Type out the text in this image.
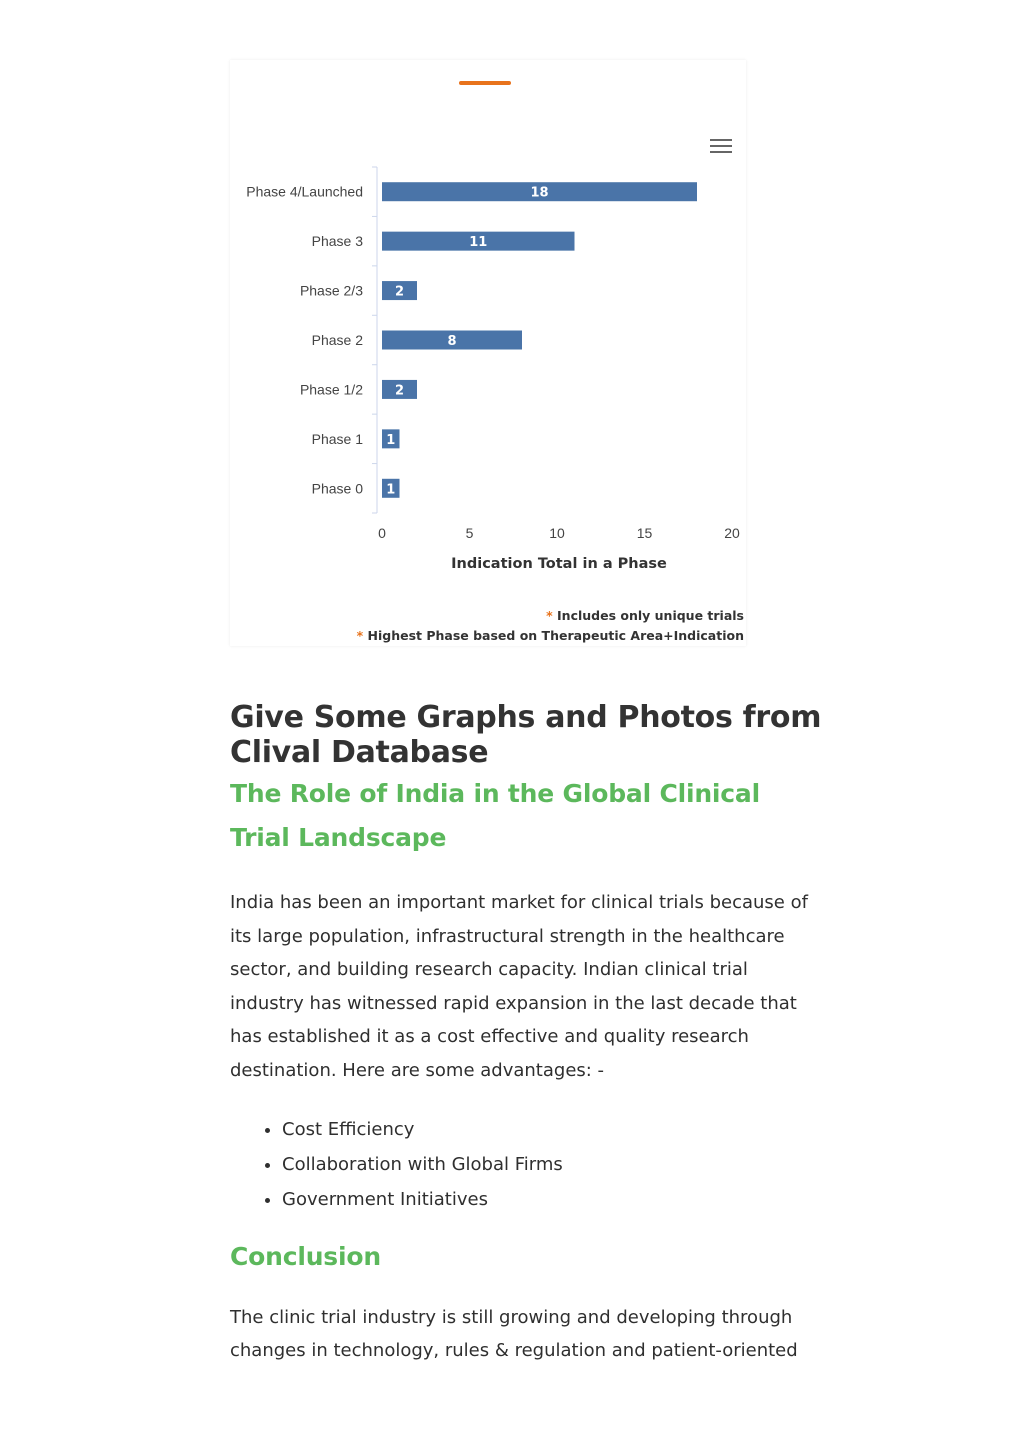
Phase 4/Launched	18
Phase 3	11
Phase 2/3 2
Phase 2	8
Phase 1/2 2
Phase 1 1
Phase 0 1
0	5	10	15	20
Indication Total in a Phase
* Includes only unique trials
* Highest Phase based on Therapeutic Area+Indication
Give Some Graphs and Photos from Clival Database
The Role of India in the Global Clinical Trial Landscape

India has been an important market for clinical trials because of its large population, infrastructural strength in the healthcare sector, and building research capacity. Indian clinical trial industry has witnessed rapid expansion in the last decade that has established it as a cost effective and quality research destination. Here are some advantages: -

• Cost Efficiency
• Collaboration with Global Firms
• Government Initiatives
Conclusion

The clinic trial industry is still growing and developing through changes in technology, rules & regulation and patient-oriented
